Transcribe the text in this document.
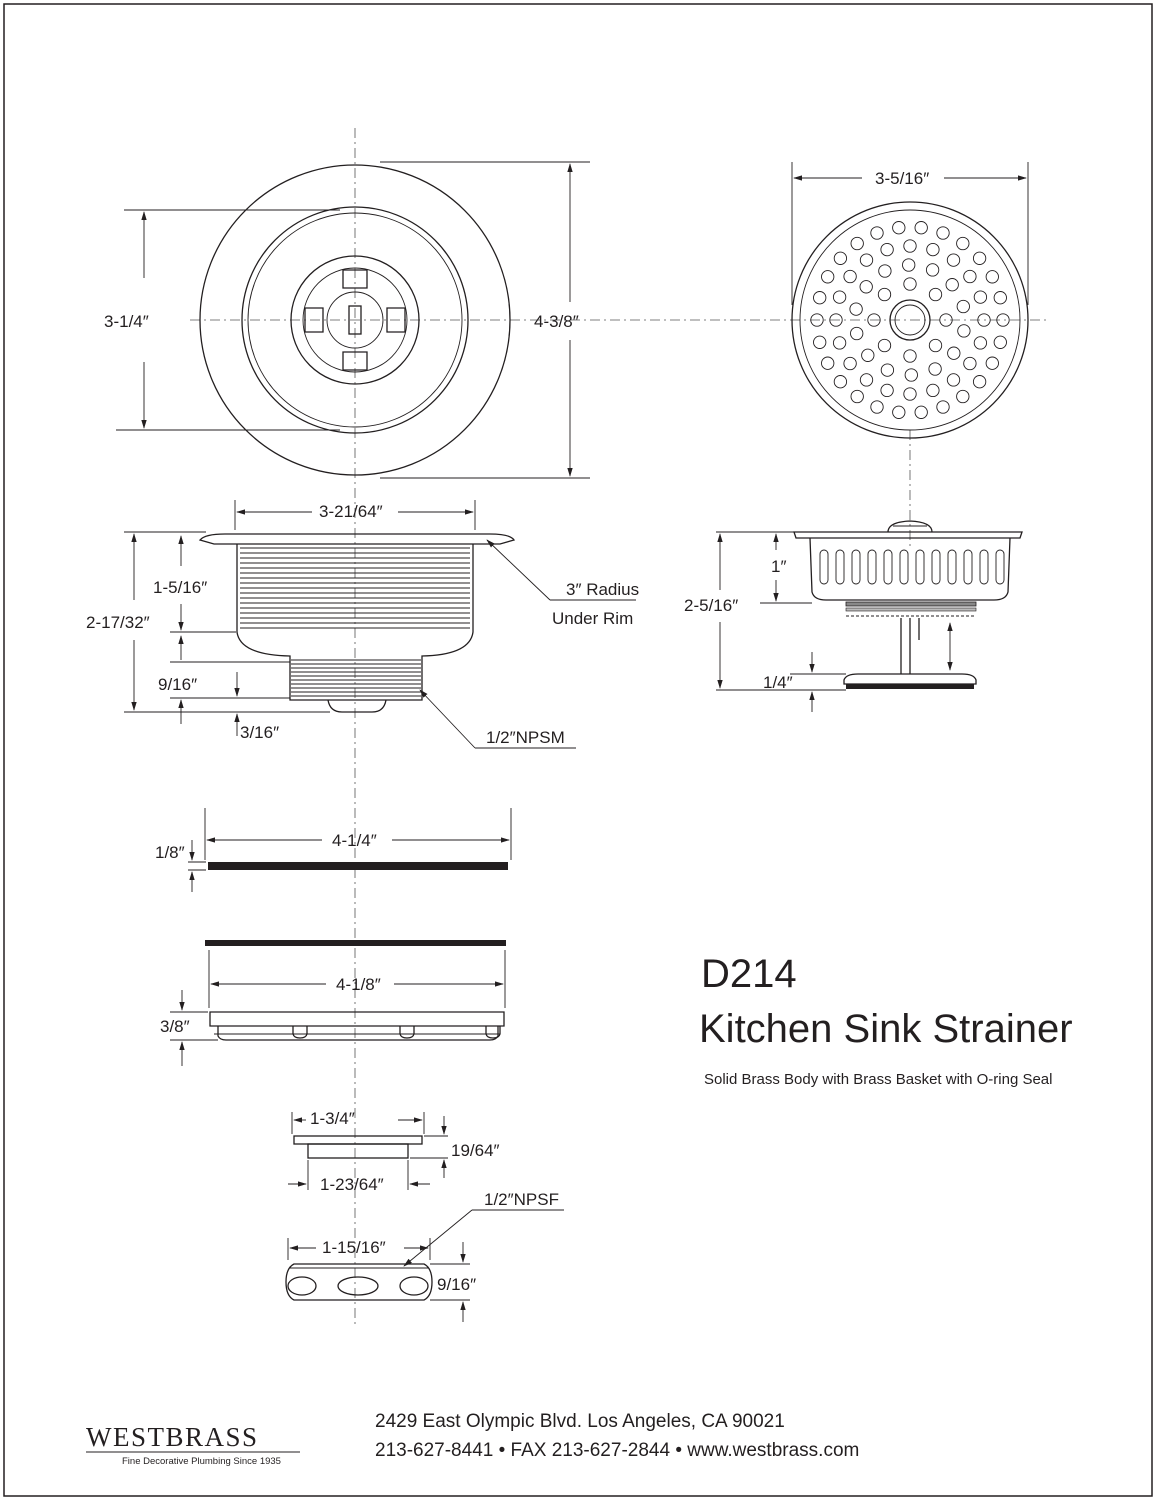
3-1/4″	4-3/8″
3-5/16″
3-21/64″
1-5/16″
2-17/32″
9/16″
3/16″
3″ Radius
Under Rim
1/2″NPSM
1″
2-5/16″
1/4″
4-1/4″
1/8″
4-1/8″
3/8″
1-3/4″
19/64″
1-23/64″
1/2″NPSF
1-15/16″
9/16″
D214
Kitchen Sink Strainer
Solid Brass Body with Brass Basket with O-ring Seal
WESTBRASS
Fine Decorative Plumbing Since 1935
2429 East Olympic Blvd. Los Angeles, CA 90021
213-627-8441 • FAX 213-627-2844 • www.westbrass.com
